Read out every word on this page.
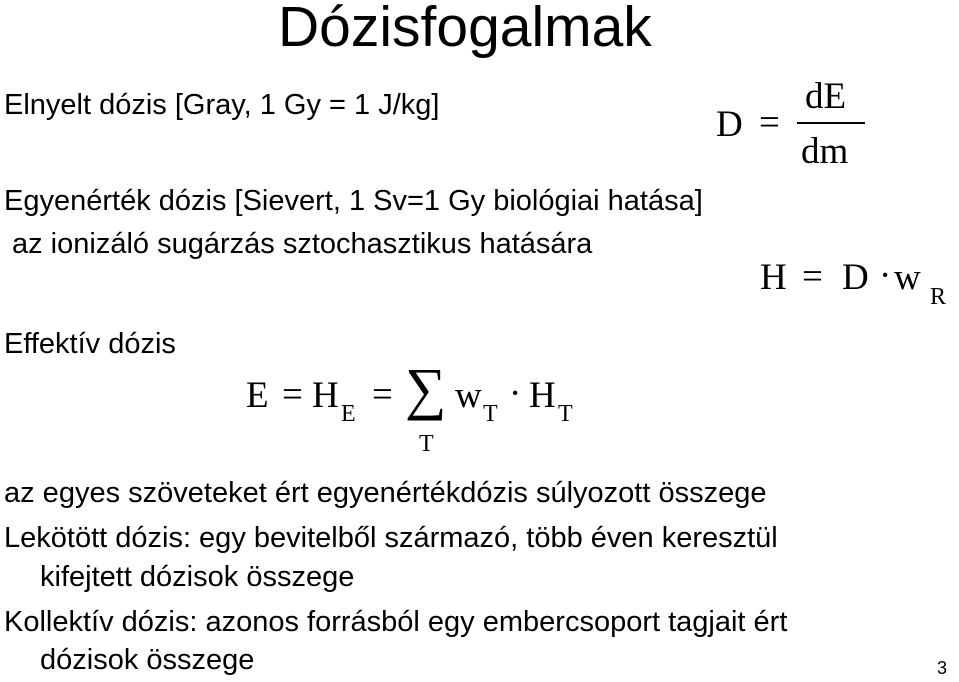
Dózisfogalmak
Elnyelt dózis [Gray, 1 Gy = 1 J/kg]	D =
dE
dm
Egyenérték dózis [Sievert, 1 Sv=1 Gy biológiai hatása]
az ionizáló sugárzás sztochasztikus hatására
H = D · w R
Effektív dózis
E = H E = ∑
T
w T · H T
az egyes szöveteket ért egyenértékdózis súlyozott összege
Lekötött dózis: egy bevitelből származó, több éven keresztül
kifejtett dózisok összege
Kollektív dózis: azonos forrásból egy embercsoport tagjait ért
dózisok összege	3
